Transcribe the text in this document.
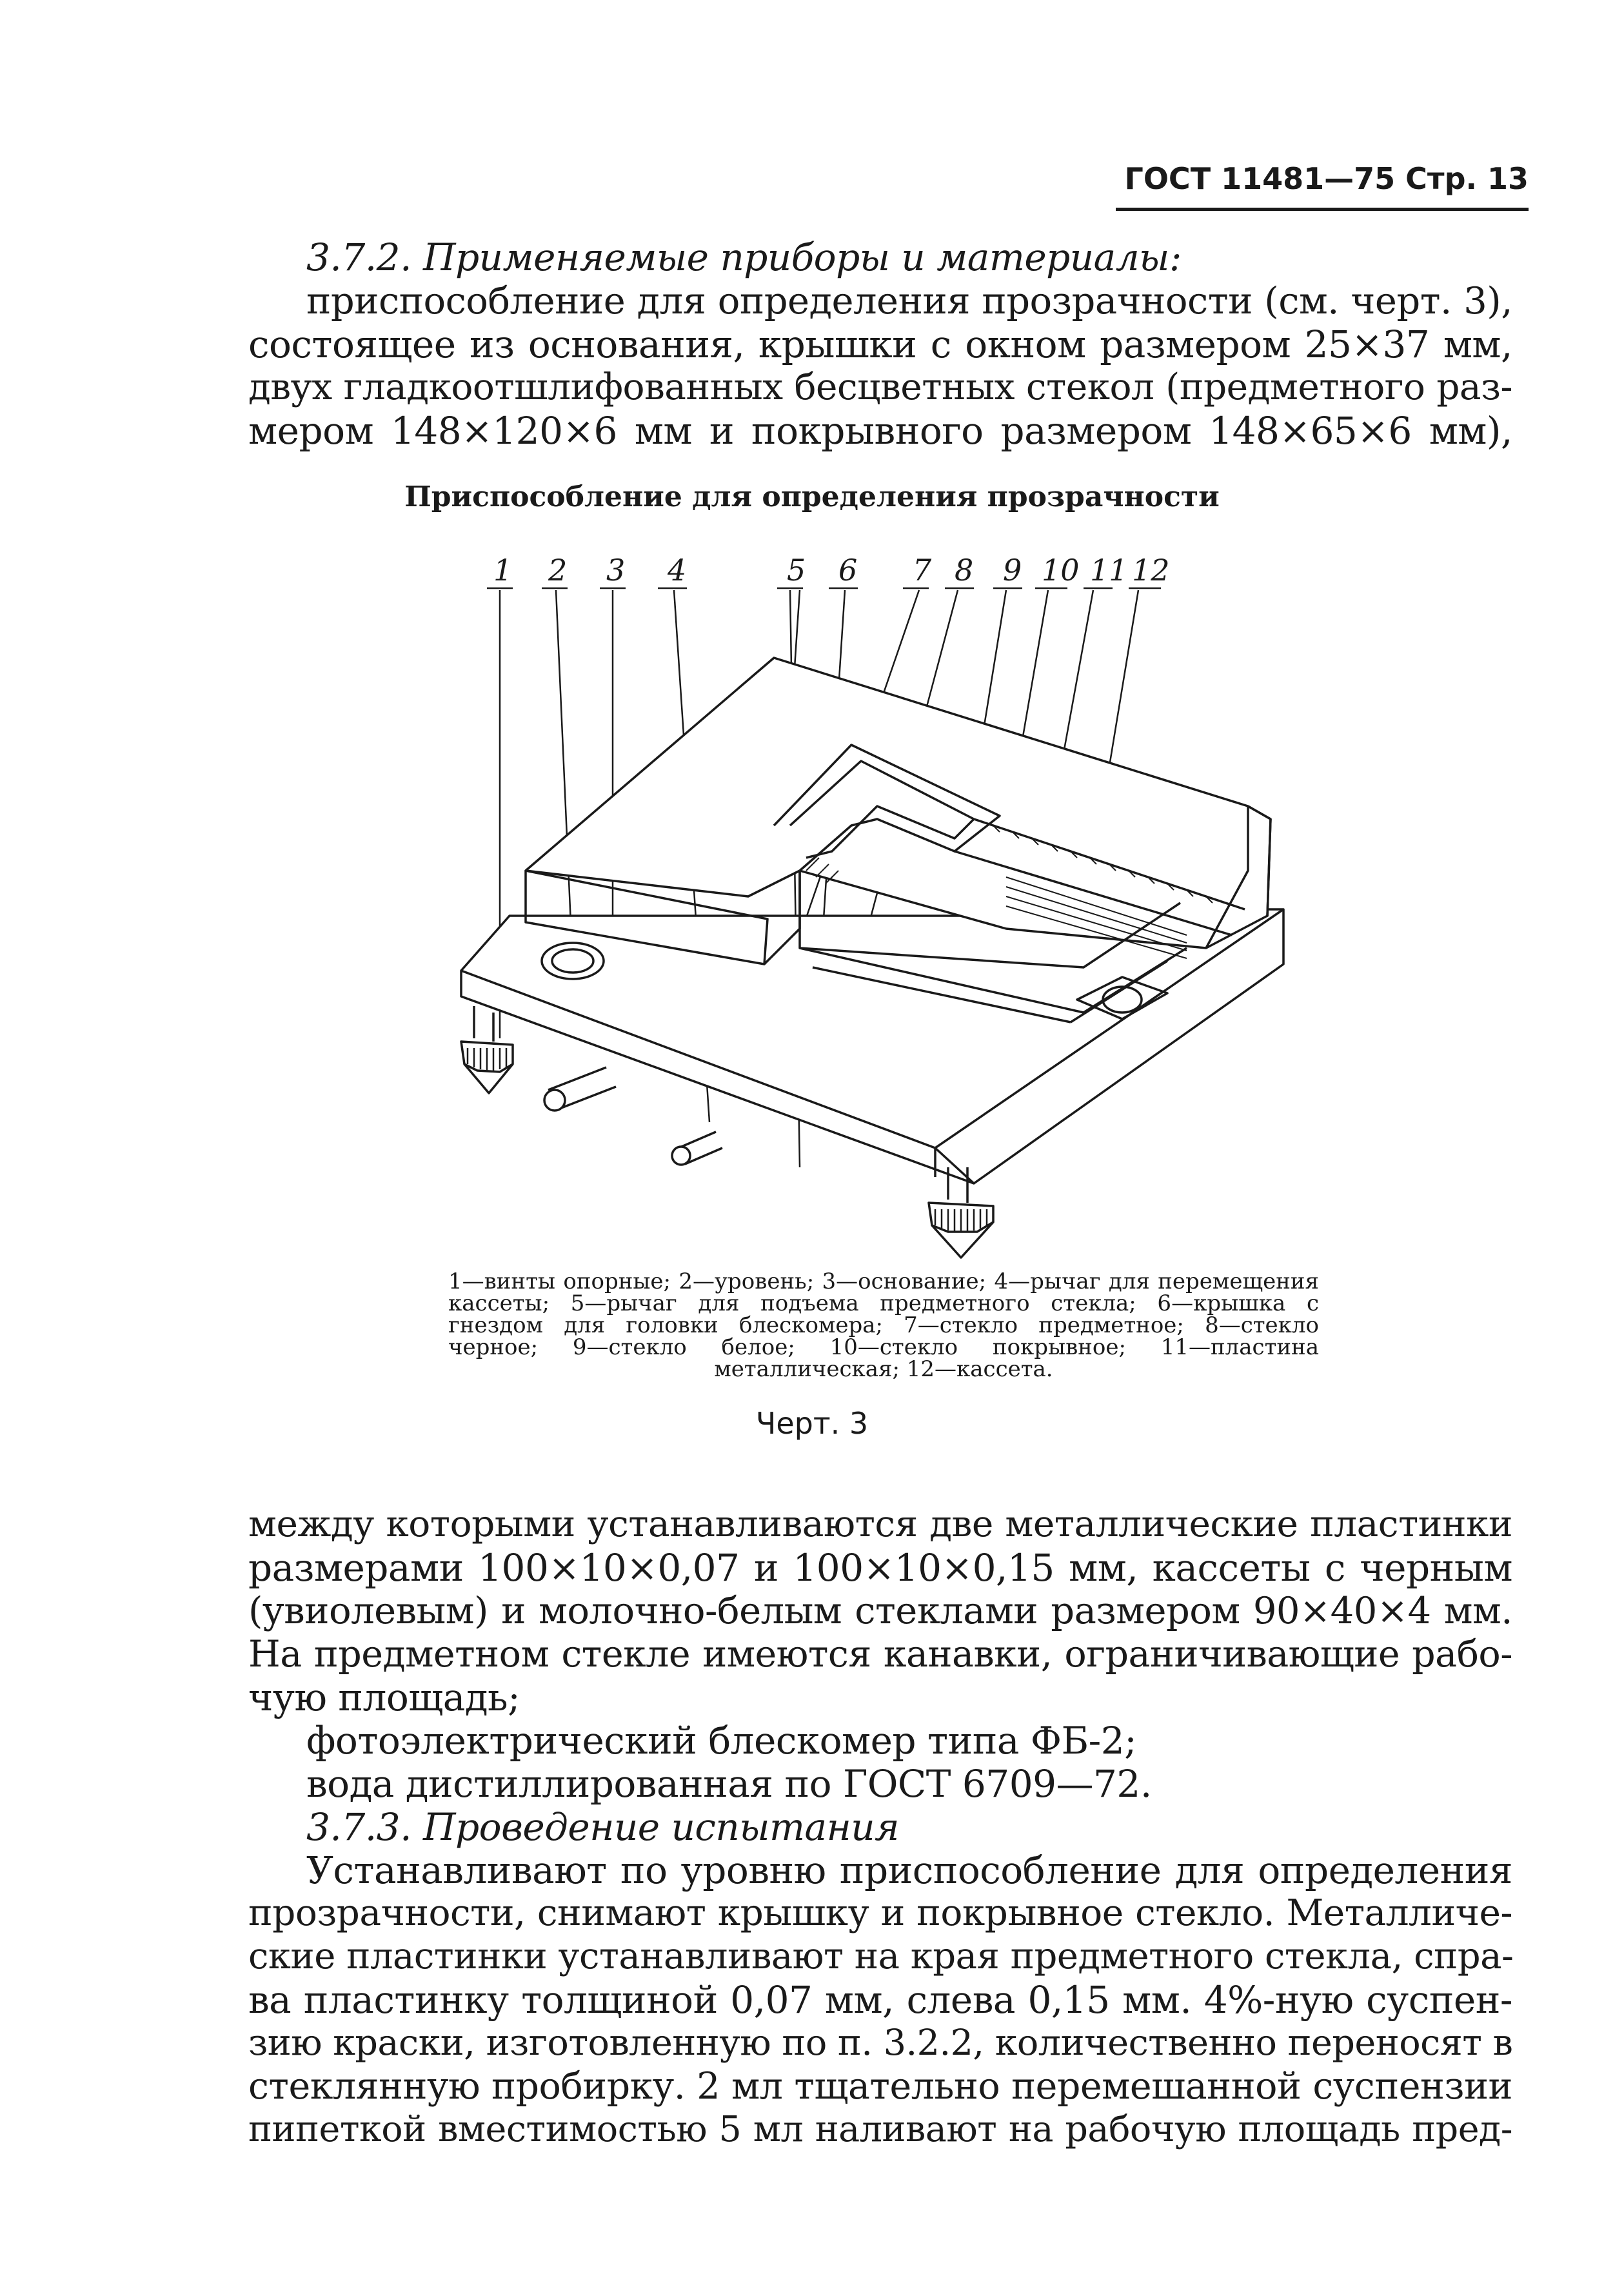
ГОСТ 11481—75 Стр. 13
3.7.2. Применяемые приборы и материалы:
приспособление для определения прозрачности (см. черт. 3),
состоящее из основания, крышки с окном размером 25×37 мм,
двух гладкоотшлифованных бесцветных стекол (предметного раз-
мером 148×120×6 мм и покрывного размером 148×65×6 мм),
Приспособление для определения прозрачности
1 2 3 4	5 6 7 8 9 10 11 12
1—винты опорные; 2—уровень; 3—основание; 4—рычаг для перемещения кассеты; 5—рычаг для подъема предметного стекла; 6—крышка с гнездом для головки блескомера; 7—стекло предметное; 8—стекло черное; 9—стекло белое; 10—стекло покрывное; 11—пластина металлическая; 12—кассета.
Черт. 3
между которыми устанавливаются две металлические пластинки
размерами 100×10×0,07 и 100×10×0,15 мм, кассеты с черным
(увиолевым) и молочно-белым стеклами размером 90×40×4 мм.
На предметном стекле имеются канавки, ограничивающие рабо-
чую площадь;
фотоэлектрический блескомер типа ФБ-2;
вода дистиллированная по ГОСТ 6709—72.
3.7.3. Проведение испытания
Устанавливают по уровню приспособление для определения
прозрачности, снимают крышку и покрывное стекло. Металличе-
ские пластинки устанавливают на края предметного стекла, спра-
ва пластинку толщиной 0,07 мм, слева 0,15 мм. 4%-ную суспен-
зию краски, изготовленную по п. 3.2.2, количественно переносят в
стеклянную пробирку. 2 мл тщательно перемешанной суспензии
пипеткой вместимостью 5 мл наливают на рабочую площадь пред-
